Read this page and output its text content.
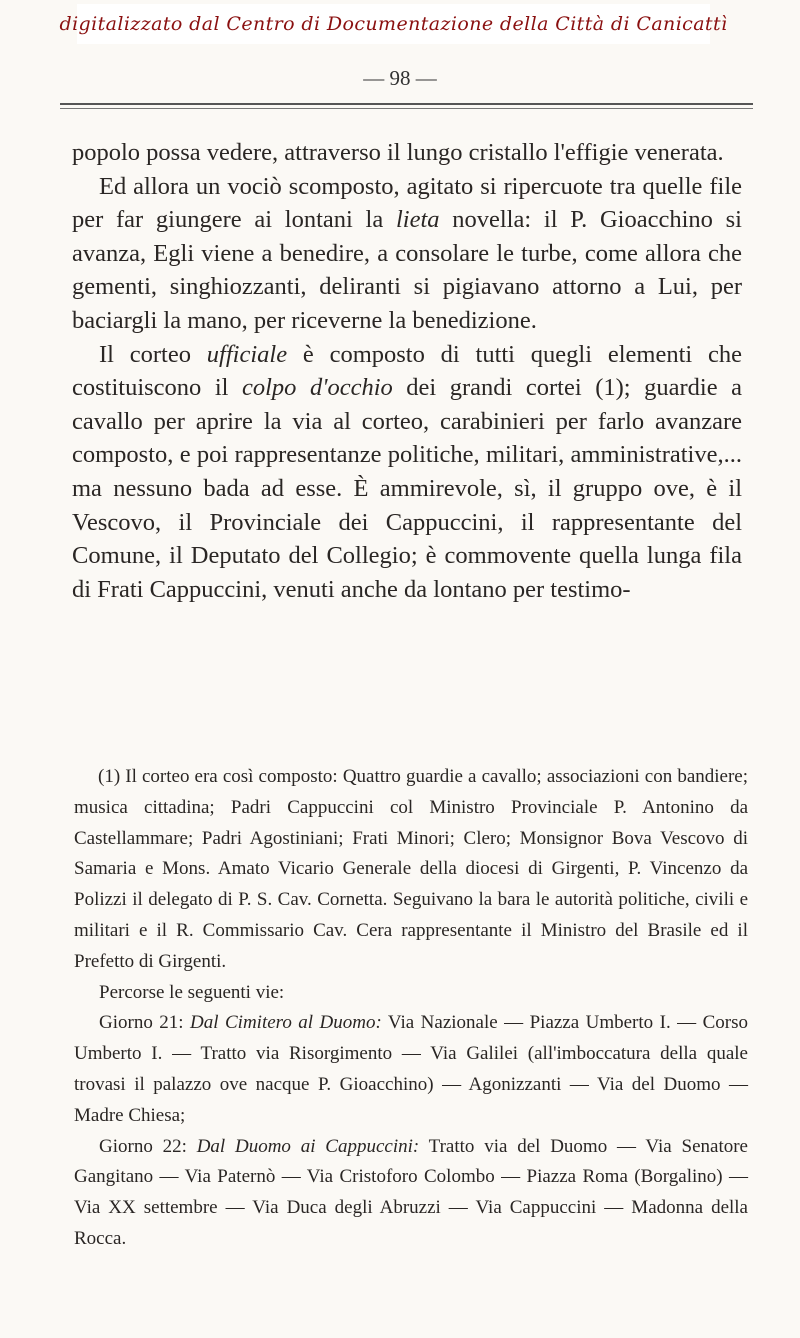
digitalizzato dal Centro di Documentazione della Città di Canicattì
— 98 —

popolo possa vedere, attraverso il lungo cristallo l'effigie venerata.

Ed allora un vociò scomposto, agitato si ripercuote tra quelle file per far giungere ai lontani la lieta novella: il P. Gioacchino si avanza, Egli viene a benedire, a consolare le turbe, come allora che gementi, singhiozzanti, deliranti si pigiavano attorno a Lui, per baciargli la mano, per riceverne la benedizione.

Il corteo ufficiale è composto di tutti quegli elementi che costituiscono il colpo d'occhio dei grandi cortei (1); guardie a cavallo per aprire la via al corteo, carabinieri per farlo avanzare composto, e poi rappresentanze politiche, militari, amministrative,... ma nessuno bada ad esse. È ammirevole, sì, il gruppo ove, è il Vescovo, il Provinciale dei Cappuccini, il rappresentante del Comune, il Deputato del Collegio; è commovente quella lunga fila di Frati Cappuccini, venuti anche da lontano per testimo-

(1) Il corteo era così composto: Quattro guardie a cavallo; associazioni con bandiere; musica cittadina; Padri Cappuccini col Ministro Provinciale P. Antonino da Castellammare; Padri Agostiniani; Frati Minori; Clero; Monsignor Bova Vescovo di Samaria e Mons. Amato Vicario Generale della diocesi di Girgenti, P. Vincenzo da Polizzi il delegato di P. S. Cav. Cornetta. Seguivano la bara le autorità politiche, civili e militari e il R. Commissario Cav. Cera rappresentante il Ministro del Brasile ed il Prefetto di Girgenti.

Percorse le seguenti vie:

Giorno 21: Dal Cimitero al Duomo: Via Nazionale — Piazza Umberto I. — Corso Umberto I. — Tratto via Risorgimento — Via Galilei (all'imboccatura della quale trovasi il palazzo ove nacque P. Gioacchino) — Agonizzanti — Via del Duomo — Madre Chiesa;

Giorno 22: Dal Duomo ai Cappuccini: Tratto via del Duomo — Via Senatore Gangitano — Via Paternò — Via Cristoforo Colombo — Piazza Roma (Borgalino) — Via XX settembre — Via Duca degli Abruzzi — Via Cappuccini — Madonna della Rocca.
